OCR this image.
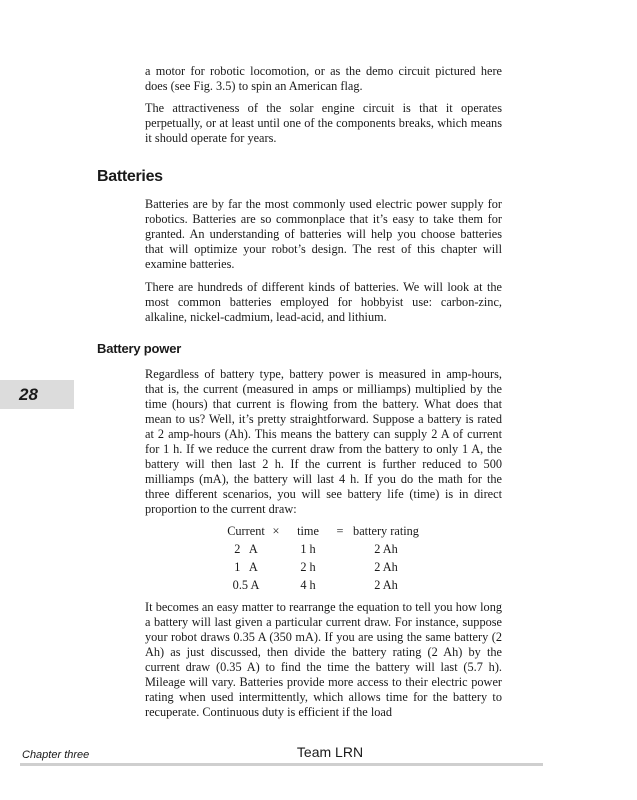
a motor for robotic locomotion, or as the demo circuit pictured here does (see Fig. 3.5) to spin an American flag.

The attractiveness of the solar engine circuit is that it operates perpetually, or at least until one of the components breaks, which means it should operate for years.

Batteries

Batteries are by far the most commonly used electric power supply for robotics. Batteries are so commonplace that it’s easy to take them for granted. An understanding of batteries will help you choose batteries that will optimize your robot’s design. The rest of this chapter will examine batteries.

There are hundreds of different kinds of batteries. We will look at the most common batteries employed for hobbyist use: carbon-zinc, alkaline, nickel-cadmium, lead-acid, and lithium.

Battery power
28

Regardless of battery type, battery power is measured in amp-hours, that is, the current (measured in amps or milliamps) multiplied by the time (hours) that current is flowing from the battery. What does that mean to us? Well, it’s pretty straightforward. Suppose a battery is rated at 2 amp-hours (Ah). This means the battery can supply 2 A of current for 1 h. If we reduce the current draw from the battery to only 1 A, the battery will then last 2 h. If the current is further reduced to 500 milliamps (mA), the battery will last 4 h. If you do the math for the three different scenarios, you will see battery life (time) is in direct proportion to the current draw:

Current	×	time	=	battery rating
2   A		1 h		2 Ah
1   A		2 h		2 Ah
0.5 A		4 h		2 Ah

It becomes an easy matter to rearrange the equation to tell you how long a battery will last given a particular current draw. For instance, suppose your robot draws 0.35 A (350 mA). If you are using the same battery (2 Ah) as just discussed, then divide the battery rating (2 Ah) by the current draw (0.35 A) to find the time the battery will last (5.7 h). Mileage will vary. Batteries provide more access to their electric power rating when used intermittently, which allows time for the battery to recuperate. Continuous duty is efficient if the load

Chapter three	Team LRN
